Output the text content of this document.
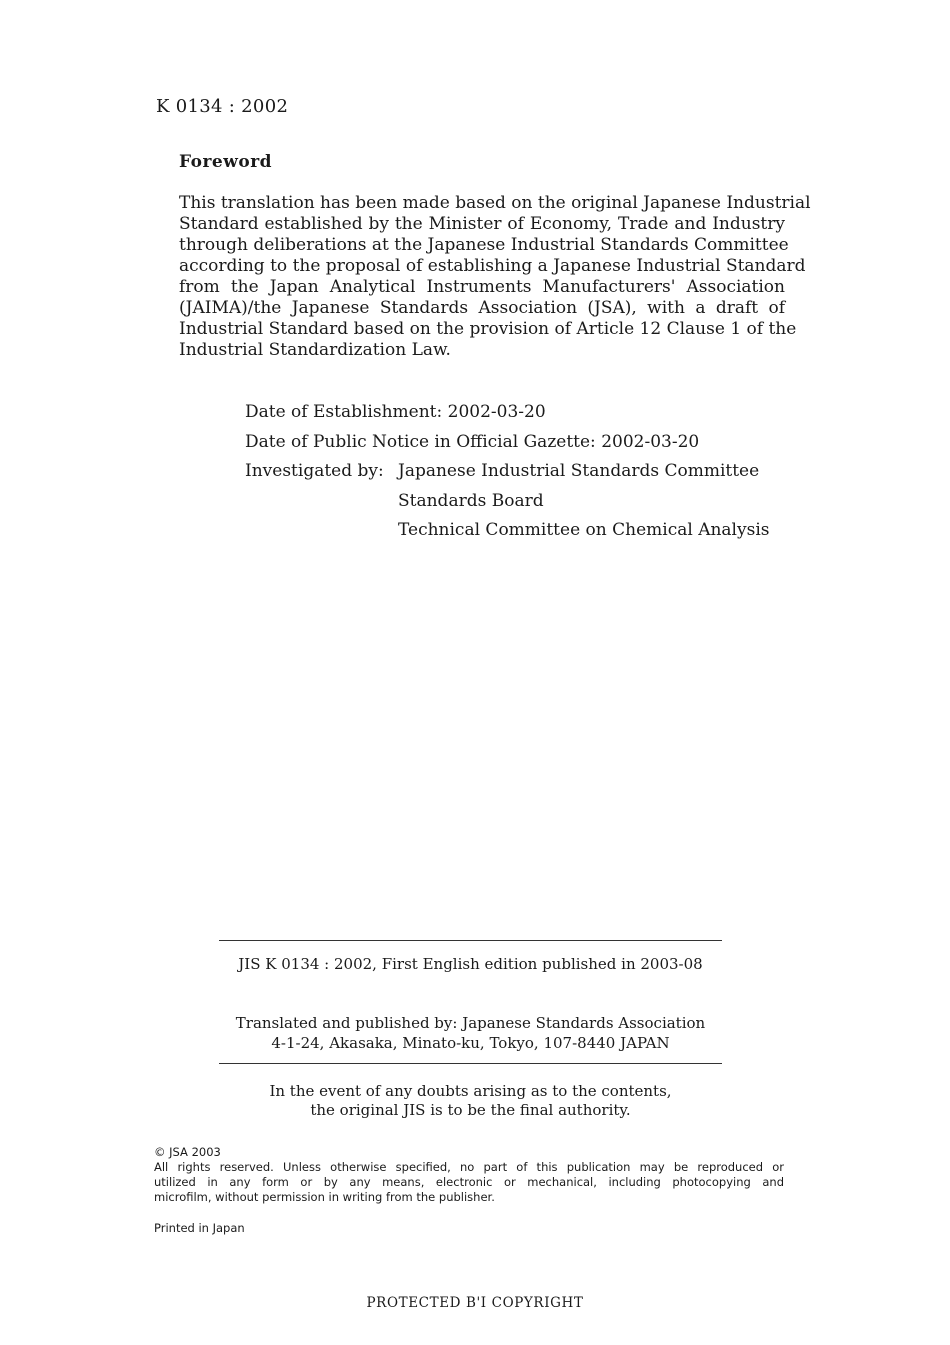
K 0134 : 2002
Foreword
This translation has been made based on the original Japanese Industrial
Standard established by the Minister of Economy, Trade and Industry
through deliberations at the Japanese Industrial Standards Committee
according to the proposal of establishing a Japanese Industrial Standard
from the Japan Analytical Instruments Manufacturers' Association
(JAIMA)/the Japanese Standards Association (JSA), with a draft of
Industrial Standard based on the provision of Article 12 Clause 1 of the
Industrial Standardization Law.
Date of Establishment:
2002-03-20
Date of Public Notice in Official Gazette:
2002-03-20
Investigated by: Japanese Industrial Standards Committee
Standards Board
Technical Committee on Chemical Analysis
JIS K 0134 : 2002, First English edition published in 2003-08
Translated and published by: Japanese Standards Association
4-1-24, Akasaka, Minato-ku, Tokyo, 107-8440 JAPAN
In the event of any doubts arising as to the contents,
the original JIS is to be the final authority.
© JSA 2003
All rights reserved. Unless otherwise specified, no part of this publication may be reproduced or
utilized in any form or by any means, electronic or mechanical, including photocopying and
microfilm, without permission in writing from the publisher.
Printed in Japan
PROTECTED B'I COPYRIGHT
